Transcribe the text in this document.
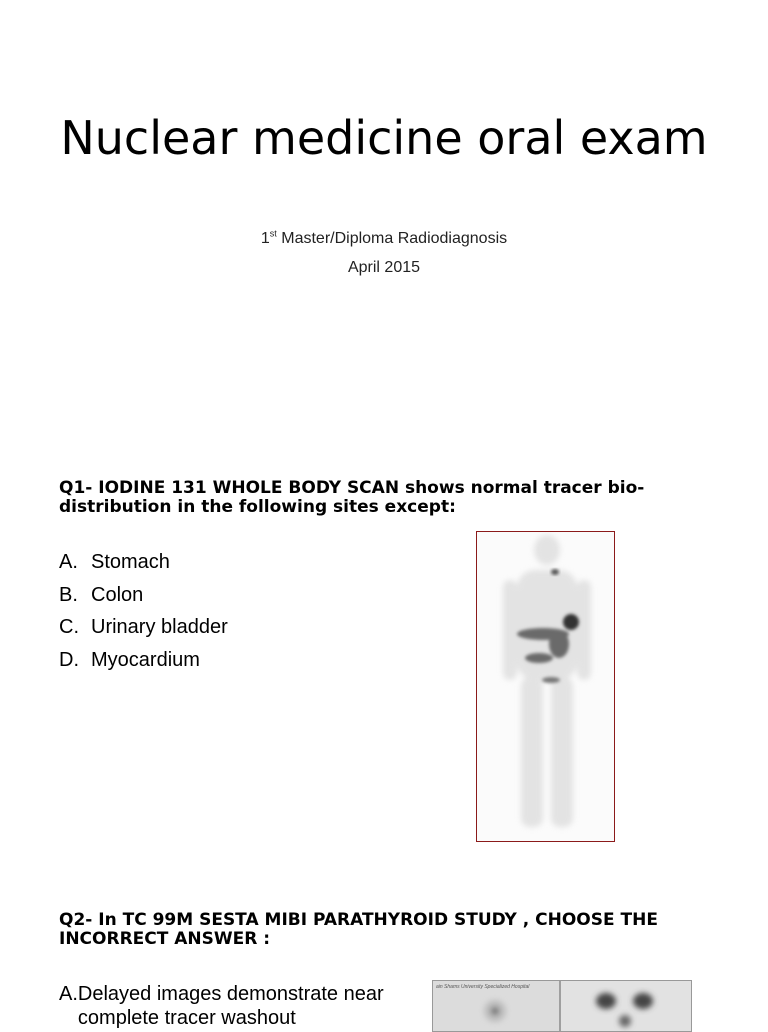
Nuclear medicine oral exam

1st Master/Diploma Radiodiagnosis

April 2015

Q1- IODINE 131 WHOLE BODY SCAN shows normal tracer bio-distribution in the following sites except:

A. Stomach
B. Colon
C. Urinary bladder
D. Myocardium

Q2- In TC 99M SESTA MIBI PARATHYROID STUDY , CHOOSE THE INCORRECT ANSWER :

A. Delayed images demonstrate near complete tracer washout
ain Shams University Specialized Hospital
